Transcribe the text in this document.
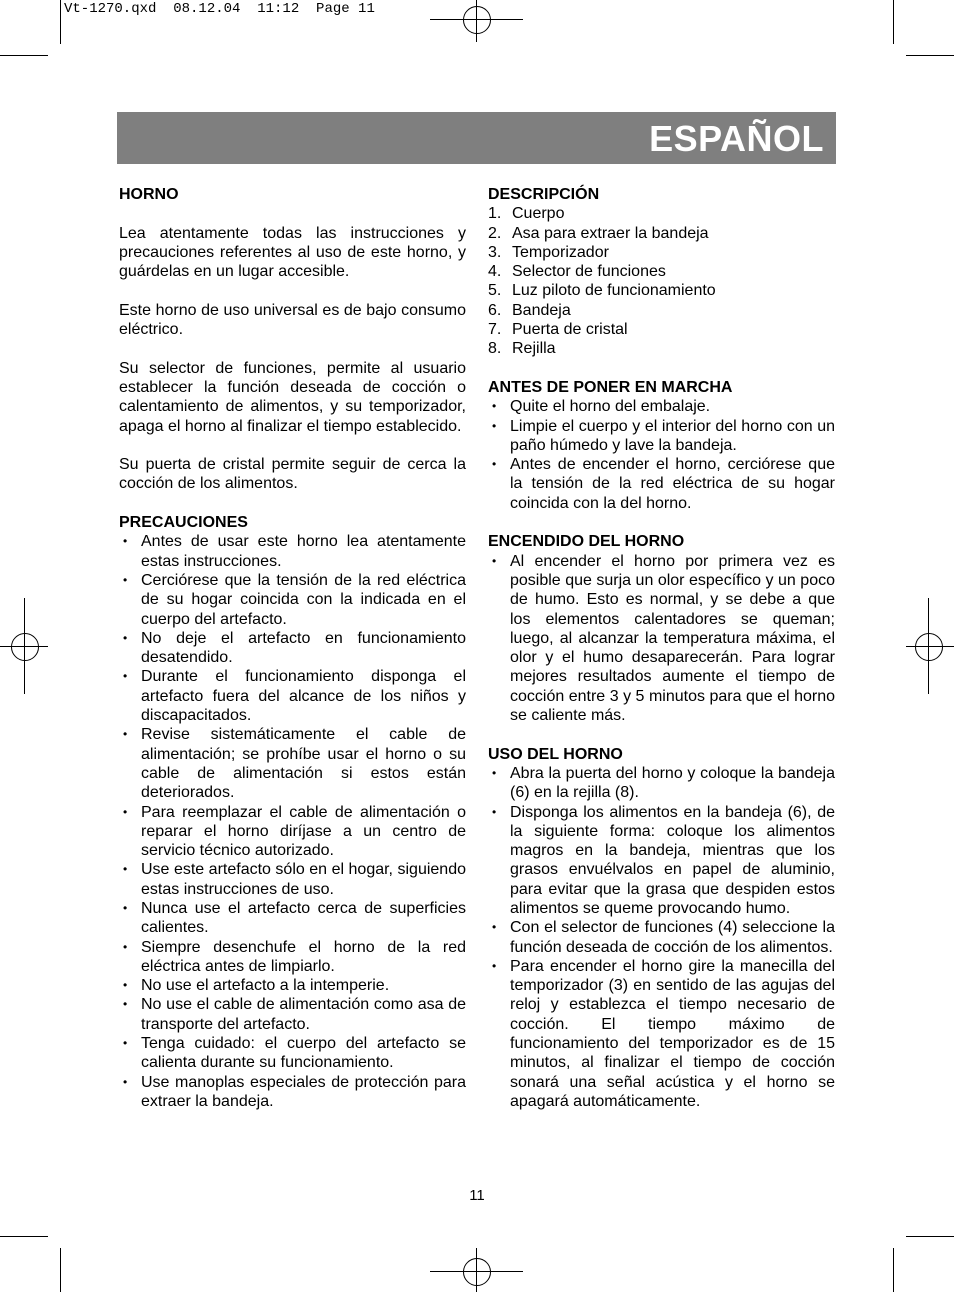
Vt-1270.qxd  08.12.04  11:12  Page 11
ESPAÑOL

HORNO

Lea atentamente todas las instrucciones y precauciones referentes al uso de este horno, y guárdelas en un lugar accesible.

Este horno de uso universal es de bajo consumo eléctrico.

Su selector de funciones, permite al usuario establecer la función deseada de cocción o calentamiento de alimentos, y su temporizador, apaga el horno al finalizar el tiempo establecido.

Su puerta de cristal permite seguir de cerca la cocción de los alimentos.

PRECAUCIONES

• Antes de usar este horno lea atentamente estas instrucciones.
• Cerciórese que la tensión de la red eléctrica de su hogar coincida con la indicada en el cuerpo del artefacto.
• No deje el artefacto en funcionamiento desatendido.
• Durante el funcionamiento disponga el artefacto fuera del alcance de los niños y discapacitados.
• Revise sistemáticamente el cable de alimentación; se prohíbe usar el horno o su cable de alimentación si estos están deteriorados.
• Para reemplazar el cable de alimentación o reparar el horno diríjase a un centro de servicio técnico autorizado.
• Use este artefacto sólo en el hogar, siguiendo estas instrucciones de uso.
• Nunca use el artefacto cerca de superficies calientes.
• Siempre desenchufe el horno de la red eléctrica antes de limpiarlo.
• No use el artefacto a la intemperie.
• No use el cable de alimentación como asa de transporte del artefacto.
• Tenga cuidado: el cuerpo del artefacto se calienta durante su funcionamiento.
• Use manoplas especiales de protección para extraer la bandeja.

DESCRIPCIÓN

1. Cuerpo
2. Asa para extraer la bandeja
3. Temporizador
4. Selector de funciones
5. Luz piloto de funcionamiento
6. Bandeja
7. Puerta de cristal
8. Rejilla

ANTES DE PONER EN MARCHA

• Quite el horno del embalaje.
• Limpie el cuerpo y el interior del horno con un paño húmedo y lave la bandeja.
• Antes de encender el horno, cerciórese que la tensión de la red eléctrica de su hogar coincida con la del horno.

ENCENDIDO DEL HORNO

• Al encender el horno por primera vez es posible que surja un olor específico y un poco de humo. Esto es normal, y se debe a que los elementos calentadores se queman; luego, al alcanzar la temperatura máxima, el olor y el humo desaparecerán. Para lograr mejores resultados aumente el tiempo de cocción entre 3 y 5 minutos para que el horno se caliente más.

USO DEL HORNO

• Abra la puerta del horno y coloque la bandeja (6) en la rejilla (8).
• Disponga los alimentos en la bandeja (6), de la siguiente forma: coloque los alimentos magros en la bandeja, mientras que los grasos envuélvalos en papel de aluminio, para evitar que la grasa que despiden estos alimentos se queme provocando humo.
• Con el selector de funciones (4) seleccione la función deseada de cocción de los alimentos.
• Para encender el horno gire la manecilla del temporizador (3) en sentido de las agujas del reloj y establezca el tiempo necesario de cocción. El tiempo máximo de funcionamiento del temporizador es de 15 minutos, al finalizar el tiempo de cocción sonará una señal acústica y el horno se apagará automáticamente.
11
